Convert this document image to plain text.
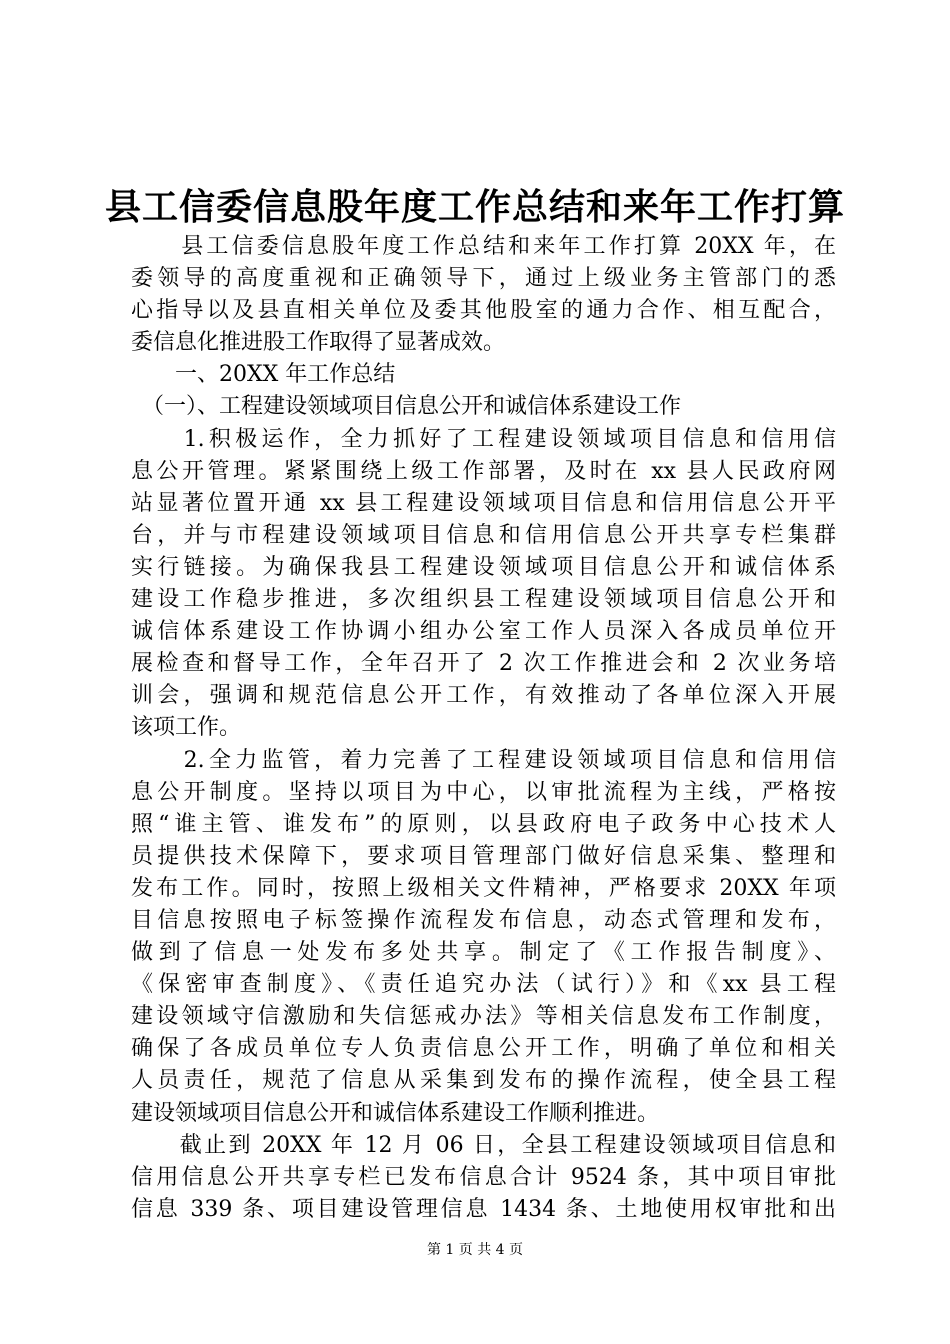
县工信委信息股年度工作总结和来年工作打算
　　县工信委信息股年度工作总结和来年工作打算 20XX 年，在
委领导的高度重视和正确领导下，通过上级业务主管部门的悉
心指导以及县直相关单位及委其他股室的通力合作、相互配合，
委信息化推进股工作取得了显著成效。
　　一、20XX 年工作总结
　（一）、工程建设领域项目信息公开和诚信体系建设工作
　　1.积极运作，全力抓好了工程建设领域项目信息和信用信
息公开管理。紧紧围绕上级工作部署，及时在 xx 县人民政府网
站显著位置开通 xx 县工程建设领域项目信息和信用信息公开平
台，并与市程建设领域项目信息和信用信息公开共享专栏集群
实行链接。为确保我县工程建设领域项目信息公开和诚信体系
建设工作稳步推进，多次组织县工程建设领域项目信息公开和
诚信体系建设工作协调小组办公室工作人员深入各成员单位开
展检查和督导工作，全年召开了 2 次工作推进会和 2 次业务培
训会，强调和规范信息公开工作，有效推动了各单位深入开展
该项工作。
　　2.全力监管，着力完善了工程建设领域项目信息和信用信
息公开制度。坚持以项目为中心，以审批流程为主线，严格按
照“谁主管、谁发布”的原则，以县政府电子政务中心技术人
员提供技术保障下，要求项目管理部门做好信息采集、整理和
发布工作。同时，按照上级相关文件精神，严格要求 20XX 年项
目信息按照电子标签操作流程发布信息，动态式管理和发布，
做到了信息一处发布多处共享。制定了《工作报告制度》、
《保密审查制度》、《责任追究办法（试行）》和《xx 县工程
建设领域守信激励和失信惩戒办法》等相关信息发布工作制度，
确保了各成员单位专人负责信息公开工作，明确了单位和相关
人员责任，规范了信息从采集到发布的操作流程，使全县工程
建设领域项目信息公开和诚信体系建设工作顺利推进。
　　截止到 20XX 年 12 月 06 日，全县工程建设领域项目信息和
信用信息公开共享专栏已发布信息合计 9524 条，其中项目审批
信息 339 条、项目建设管理信息 1434 条、土地使用权审批和出
第 1 页 共 4 页
